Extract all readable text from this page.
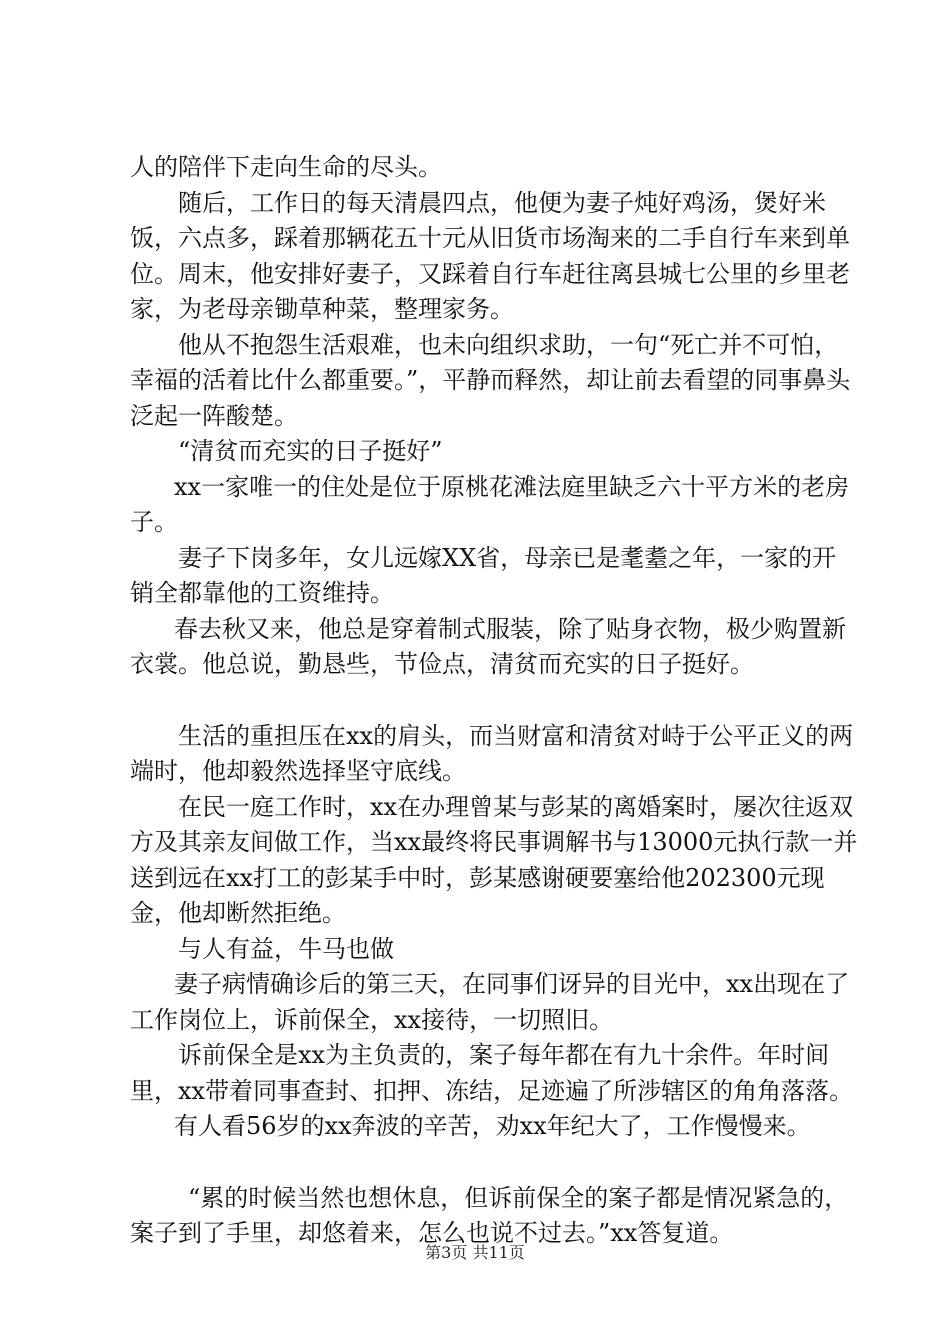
人的陪伴下走向生命的尽头。

随后，工作日的每天清晨四点，他便为妻子炖好鸡汤，煲好米饭，六点多，踩着那辆花五十元从旧货市场淘来的二手自行车来到单位。周末，他安排好妻子，又踩着自行车赶往离县城七公里的乡里老家，为老母亲锄草种菜，整理家务。

他从不抱怨生活艰难，也未向组织求助，一句“死亡并不可怕，幸福的活着比什么都重要。”，平静而释然，却让前去看望的同事鼻头泛起一阵酸楚。

“清贫而充实的日子挺好”

xx一家唯一的住处是位于原桃花滩法庭里缺乏六十平方米的老房子。

妻子下岗多年，女儿远嫁XX省，母亲已是耄耋之年，一家的开销全都靠他的工资维持。

春去秋又来，他总是穿着制式服装，除了贴身衣物，极少购置新衣裳。他总说，勤恳些，节俭点，清贫而充实的日子挺好。

生活的重担压在xx的肩头，而当财富和清贫对峙于公平正义的两端时，他却毅然选择坚守底线。

在民一庭工作时，xx在办理曾某与彭某的离婚案时，屡次往返双方及其亲友间做工作，当xx最终将民事调解书与13000元执行款一并送到远在xx打工的彭某手中时，彭某感谢硬要塞给他202300元现金，他却断然拒绝。

与人有益，牛马也做

妻子病情确诊后的第三天，在同事们讶异的目光中，xx出现在了工作岗位上，诉前保全，xx接待，一切照旧。

诉前保全是xx为主负责的，案子每年都在有九十余件。年时间里，xx带着同事查封、扣押、冻结，足迹遍了所涉辖区的角角落落。

有人看56岁的xx奔波的辛苦，劝xx年纪大了，工作慢慢来。

“累的时候当然也想休息，但诉前保全的案子都是情况紧急的，案子到了手里，却悠着来，怎么也说不过去。”xx答复道。

第3页 共11页
